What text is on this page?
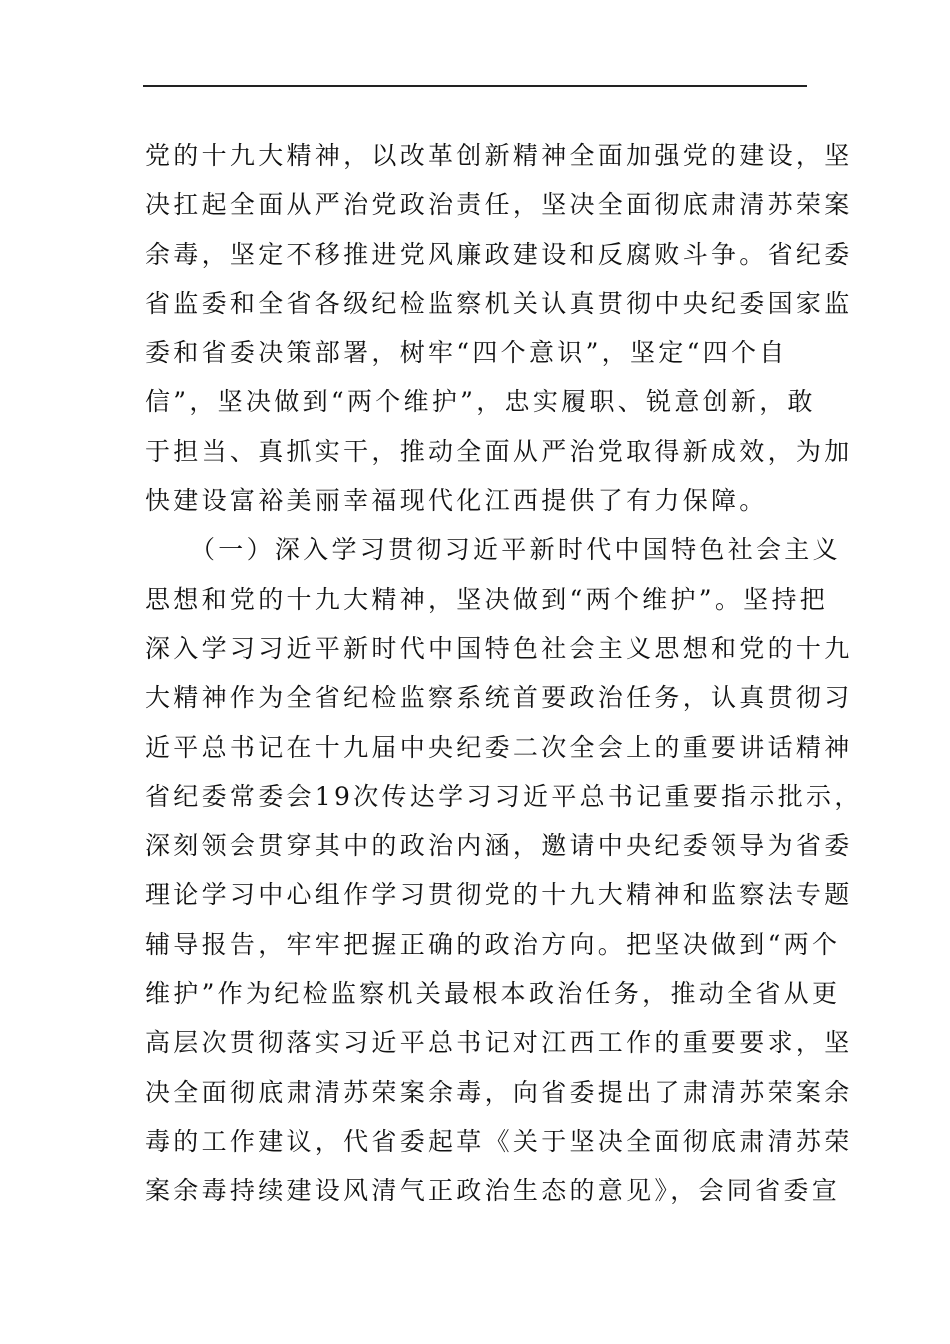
党的十九大精神，以改革创新精神全面加强党的建设，坚
决扛起全面从严治党政治责任，坚决全面彻底肃清苏荣案
余毒，坚定不移推进党风廉政建设和反腐败斗争。省纪委
省监委和全省各级纪检监察机关认真贯彻中央纪委国家监
委和省委决策部署，树牢“四个意识”，坚定“四个自
信”，坚决做到“两个维护”，忠实履职、锐意创新，敢
于担当、真抓实干，推动全面从严治党取得新成效，为加
快建设富裕美丽幸福现代化江西提供了有力保障。
（一）深入学习贯彻习近平新时代中国特色社会主义
思想和党的十九大精神，坚决做到“两个维护”。坚持把
深入学习习近平新时代中国特色社会主义思想和党的十九
大精神作为全省纪检监察系统首要政治任务，认真贯彻习
近平总书记在十九届中央纪委二次全会上的重要讲话精神
省纪委常委会19次传达学习习近平总书记重要指示批示，
深刻领会贯穿其中的政治内涵，邀请中央纪委领导为省委
理论学习中心组作学习贯彻党的十九大精神和监察法专题
辅导报告，牢牢把握正确的政治方向。把坚决做到“两个
维护”作为纪检监察机关最根本政治任务，推动全省从更
高层次贯彻落实习近平总书记对江西工作的重要要求，坚
决全面彻底肃清苏荣案余毒，向省委提出了肃清苏荣案余
毒的工作建议，代省委起草《关于坚决全面彻底肃清苏荣
案余毒持续建设风清气正政治生态的意见》，会同省委宣
